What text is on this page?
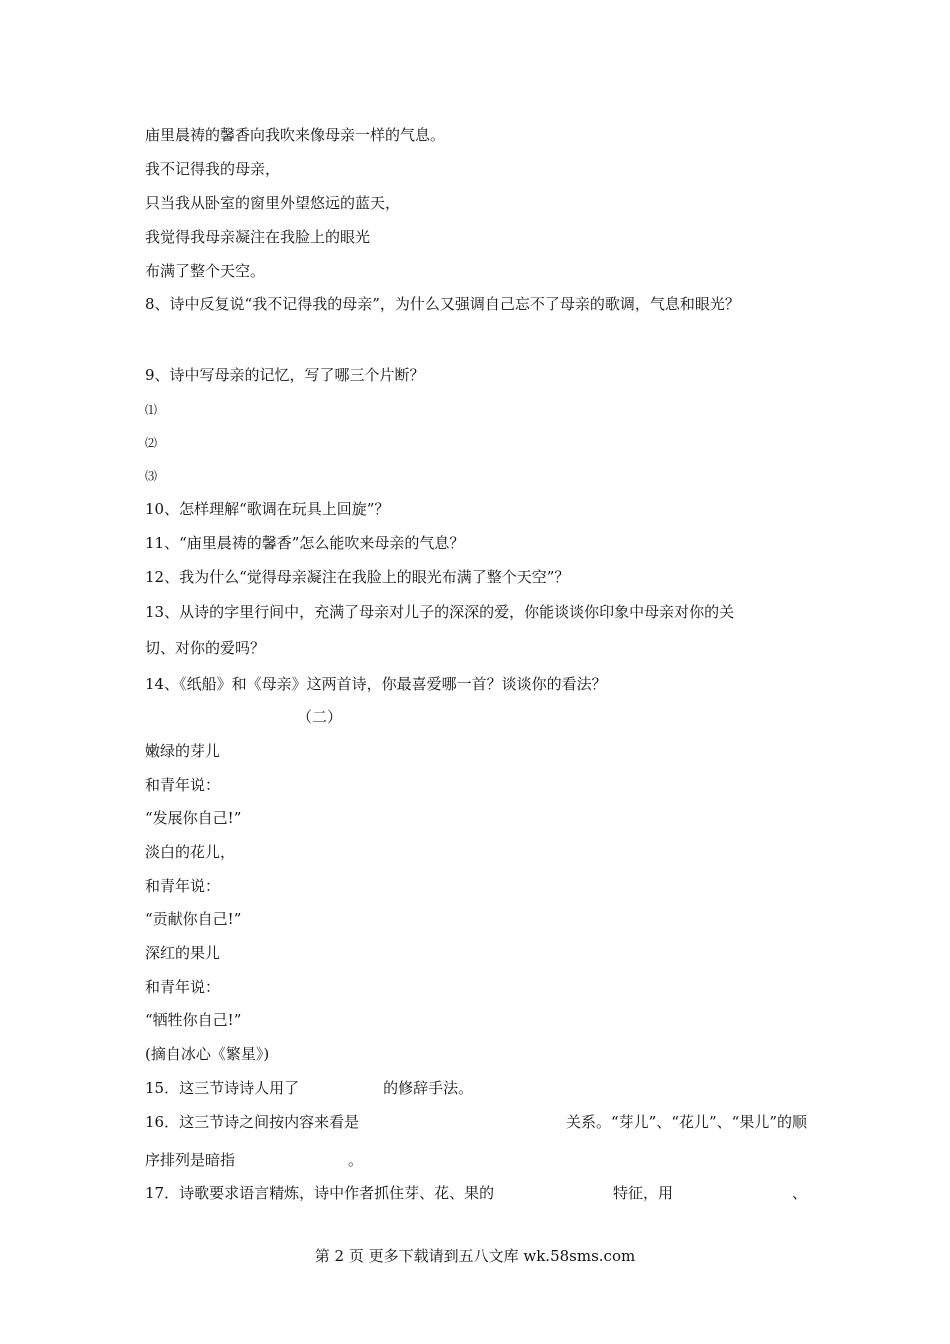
庙里晨祷的馨香向我吹来像母亲一样的气息。
我不记得我的母亲，
只当我从卧室的窗里外望悠远的蓝天，
我觉得我母亲凝注在我脸上的眼光
布满了整个天空。
8、诗中反复说“我不记得我的母亲”，为什么又强调自己忘不了母亲的歌调，气息和眼光？
9、诗中写母亲的记忆，写了哪三个片断？
⑴
⑵
⑶
10、怎样理解“歌调在玩具上回旋”？
11、“庙里晨祷的馨香”怎么能吹来母亲的气息？
12、我为什么“觉得母亲凝注在我脸上的眼光布满了整个天空”？
13、从诗的字里行间中，充满了母亲对儿子的深深的爱，你能谈谈你印象中母亲对你的关
切、对你的爱吗？
14、《纸船》和《母亲》这两首诗，你最喜爱哪一首？谈谈你的看法？
（二）
嫩绿的芽儿
和青年说：
“发展你自己!”
淡白的花儿，
和青年说：
“贡献你自己!”
深红的果儿
和青年说：
“牺牲你自己!”
(摘自冰心《繁星》)
15．这三节诗诗人用了	的修辞手法。
16．这三节诗之间按内容来看是	关系。“芽儿”、“花儿”、“果儿”的顺
序排列是暗指	。
17．诗歌要求语言精炼，诗中作者抓住芽、花、果的	特征，用	、
第 2 页 更多下载请到五八文库 wk.58sms.com
